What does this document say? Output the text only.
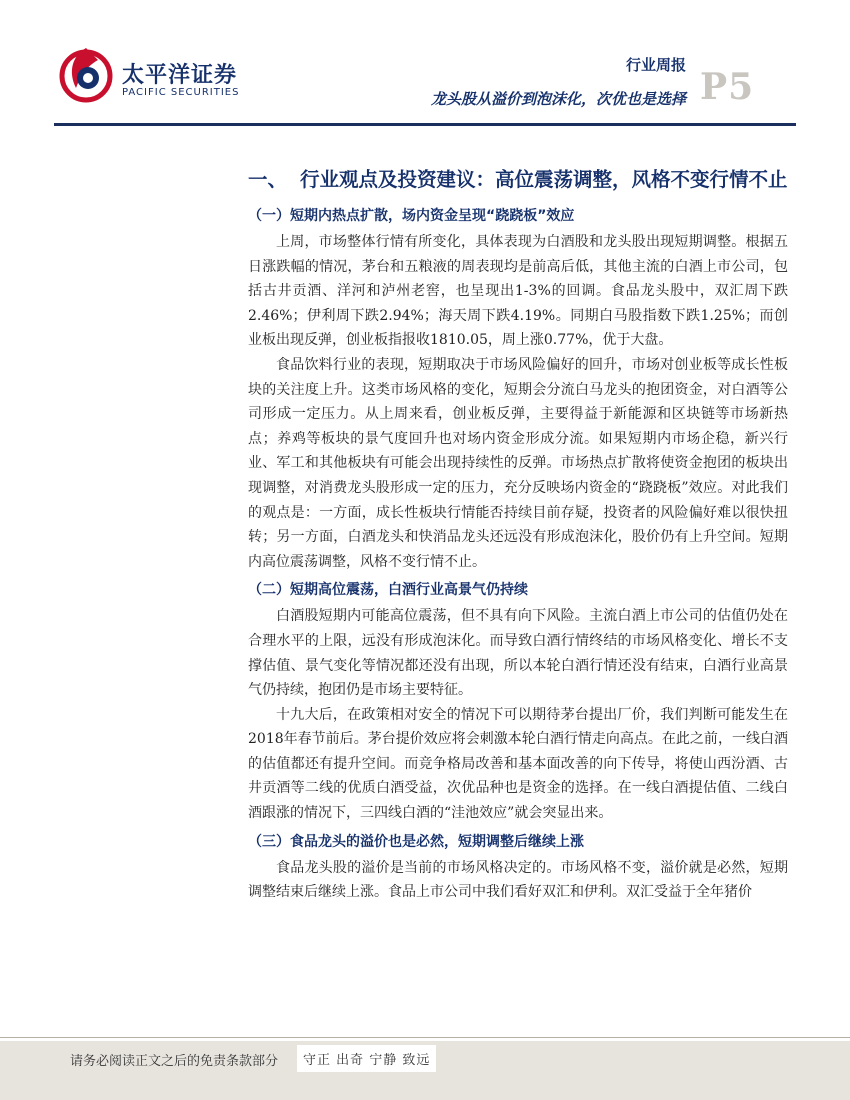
太平洋证券
PACIFIC SECURITIES
行业周报
龙头股从溢价到泡沫化，次优也是选择 P5
一、 行业观点及投资建议：高位震荡调整，风格不变行情不止
（一）短期内热点扩散，场内资金呈现“跷跷板”效应

上周，市场整体行情有所变化，具体表现为白酒股和龙头股出现短期调整。根据五日涨跌幅的情况，茅台和五粮液的周表现均是前高后低，其他主流的白酒上市公司，包括古井贡酒、洋河和泸州老窖，也呈现出1-3%的回调。食品龙头股中，双汇周下跌2.46%；伊利周下跌2.94%；海天周下跌4.19%。同期白马股指数下跌1.25%；而创业板出现反弹，创业板指报收1810.05，周上涨0.77%，优于大盘。

食品饮料行业的表现，短期取决于市场风险偏好的回升，市场对创业板等成长性板块的关注度上升。这类市场风格的变化，短期会分流白马龙头的抱团资金，对白酒等公司形成一定压力。从上周来看，创业板反弹，主要得益于新能源和区块链等市场新热点；养鸡等板块的景气度回升也对场内资金形成分流。如果短期内市场企稳，新兴行业、军工和其他板块有可能会出现持续性的反弹。市场热点扩散将使资金抱团的板块出现调整，对消费龙头股形成一定的压力，充分反映场内资金的“跷跷板”效应。对此我们的观点是：一方面，成长性板块行情能否持续目前存疑，投资者的风险偏好难以很快扭转；另一方面，白酒龙头和快消品龙头还远没有形成泡沫化，股价仍有上升空间。短期内高位震荡调整，风格不变行情不止。

（二）短期高位震荡，白酒行业高景气仍持续

白酒股短期内可能高位震荡，但不具有向下风险。主流白酒上市公司的估值仍处在合理水平的上限，远没有形成泡沫化。而导致白酒行情终结的市场风格变化、增长不支撑估值、景气变化等情况都还没有出现，所以本轮白酒行情还没有结束，白酒行业高景气仍持续，抱团仍是市场主要特征。

十九大后，在政策相对安全的情况下可以期待茅台提出厂价，我们判断可能发生在2018年春节前后。茅台提价效应将会刺激本轮白酒行情走向高点。在此之前，一线白酒的估值都还有提升空间。而竞争格局改善和基本面改善的向下传导，将使山西汾酒、古井贡酒等二线的优质白酒受益，次优品种也是资金的选择。在一线白酒提估值、二线白酒跟涨的情况下，三四线白酒的“洼池效应”就会突显出来。

（三）食品龙头的溢价也是必然，短期调整后继续上涨

食品龙头股的溢价是当前的市场风格决定的。市场风格不变，溢价就是必然，短期调整结束后继续上涨。食品上市公司中我们看好双汇和伊利。双汇受益于全年猪价

请务必阅读正文之后的免责条款部分	守正 出奇 宁静 致远
